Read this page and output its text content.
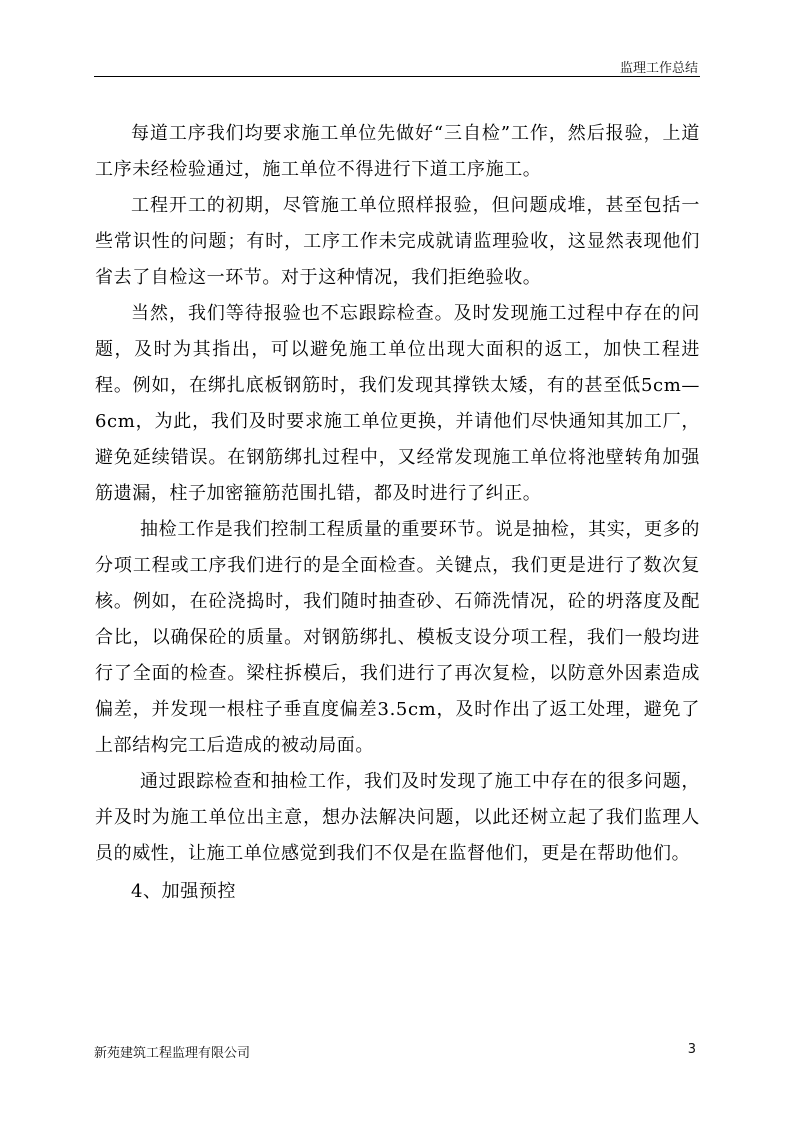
监理工作总结

每道工序我们均要求施工单位先做好“三自检”工作，然后报验，上道工序未经检验通过，施工单位不得进行下道工序施工。

工程开工的初期，尽管施工单位照样报验，但问题成堆，甚至包括一些常识性的问题；有时，工序工作未完成就请监理验收，这显然表现他们省去了自检这一环节。对于这种情况，我们拒绝验收。

当然，我们等待报验也不忘跟踪检查。及时发现施工过程中存在的问题，及时为其指出，可以避免施工单位出现大面积的返工，加快工程进程。例如，在绑扎底板钢筋时，我们发现其撑铁太矮，有的甚至低5cm—6cm，为此，我们及时要求施工单位更换，并请他们尽快通知其加工厂，避免延续错误。在钢筋绑扎过程中，又经常发现施工单位将池壁转角加强筋遗漏，柱子加密箍筋范围扎错，都及时进行了纠正。

抽检工作是我们控制工程质量的重要环节。说是抽检，其实，更多的分项工程或工序我们进行的是全面检查。关键点，我们更是进行了数次复核。例如，在砼浇捣时，我们随时抽查砂、石筛洗情况，砼的坍落度及配合比，以确保砼的质量。对钢筋绑扎、模板支设分项工程，我们一般均进行了全面的检查。梁柱拆模后，我们进行了再次复检，以防意外因素造成偏差，并发现一根柱子垂直度偏差3.5cm，及时作出了返工处理，避免了上部结构完工后造成的被动局面。

通过跟踪检查和抽检工作，我们及时发现了施工中存在的很多问题，并及时为施工单位出主意，想办法解决问题，以此还树立起了我们监理人员的威性，让施工单位感觉到我们不仅是在监督他们，更是在帮助他们。

4、加强预控

新苑建筑工程监理有限公司	3
